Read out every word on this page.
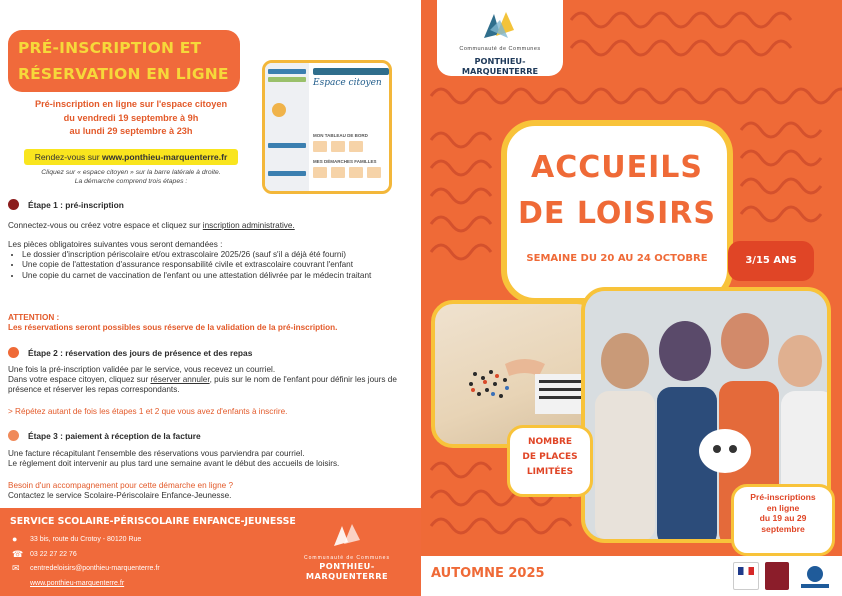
PRÉ-INSCRIPTION ET
RÉSERVATION EN LIGNE
Pré-inscription en ligne sur l'espace citoyen
du vendredi 19 septembre à 9h
au lundi 29 septembre à 23h
Rendez-vous sur www.ponthieu-marquenterre.fr
Cliquez sur « espace citoyen » sur la barre latérale à droite.
La démarche comprend trois étapes :
Espace citoyen
MON TABLEAU DE BORD
MES DÉMARCHES FAMILLES
Étape 1 : pré-inscription
Connectez-vous ou créez votre espace et cliquez sur inscription administrative.
Les pièces obligatoires suivantes vous seront demandées :
• Le dossier d'inscription périscolaire et/ou extrascolaire 2025/26 (sauf s'il a déjà été fourni)
• Une copie de l'attestation d'assurance responsabilité civile et extrascolaire couvrant l'enfant
• Une copie du carnet de vaccination de l'enfant ou une attestation délivrée par le médecin traitant
ATTENTION :
Les réservations seront possibles sous réserve de la validation de la pré-inscription.
Étape 2 : réservation des jours de présence et des repas
Une fois la pré-inscription validée par le service, vous recevez un courriel.
Dans votre espace citoyen, cliquez sur réserver annuler, puis sur le nom de l'enfant pour définir les jours de présence et réserver les repas correspondants.
> Répétez autant de fois les étapes 1 et 2 que vous avez d'enfants à inscrire.
Étape 3 : paiement à réception de la facture
Une facture récapitulant l'ensemble des réservations vous parviendra par courriel.
Le règlement doit intervenir au plus tard une semaine avant le début des accueils de loisirs.
Besoin d'un accompagnement pour cette démarche en ligne ?
Contactez le service Scolaire-Périscolaire Enfance-Jeunesse.
SERVICE SCOLAIRE-PÉRISCOLAIRE ENFANCE-JEUNESSE
● 33 bis, route du Crotoy - 80120 Rue
☎ 03 22 27 22 76
✉ centredeloisirs@ponthieu-marquenterre.fr
www.ponthieu-marquenterre.fr
Communauté de Communes
PONTHIEU-MARQUENTERRE
Communauté de Communes
PONTHIEU-MARQUENTERRE
ACCUEILS
DE LOISIRS
SEMAINE DU 20 AU 24 OCTOBRE	3/15 ANS
NOMBRE
DE PLACES
LIMITÉES
Pré-inscriptions
en ligne
du 19 au 29
septembre
AUTOMNE 2025
